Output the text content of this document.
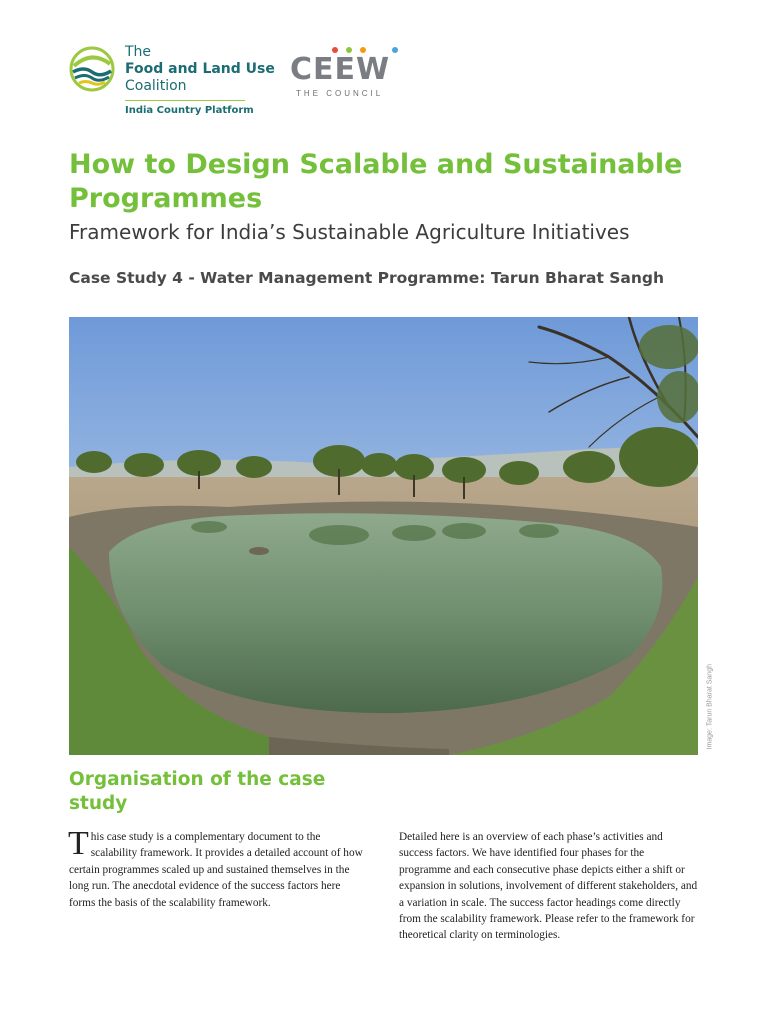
The
Food and Land Use
Coalition
India Country Platform
CEEW
THE COUNCIL
How to Design Scalable and Sustainable Programmes
Framework for India’s Sustainable Agriculture Initiatives
Case Study 4 - Water Management Programme: Tarun Bharat Sangh
Image: Tarun Bharat Sangh
Organisation of the case study
This case study is a complementary document to the scalability framework. It provides a detailed account of how certain programmes scaled up and sustained themselves in the long run. The anecdotal evidence of the success factors here forms the basis of the scalability framework.
Detailed here is an overview of each phase’s activities and success factors. We have identified four phases for the programme and each consecutive phase depicts either a shift or expansion in solutions, involvement of different stakeholders, and a variation in scale. The success factor headings come directly from the scalability framework. Please refer to the framework for theoretical clarity on terminologies.
